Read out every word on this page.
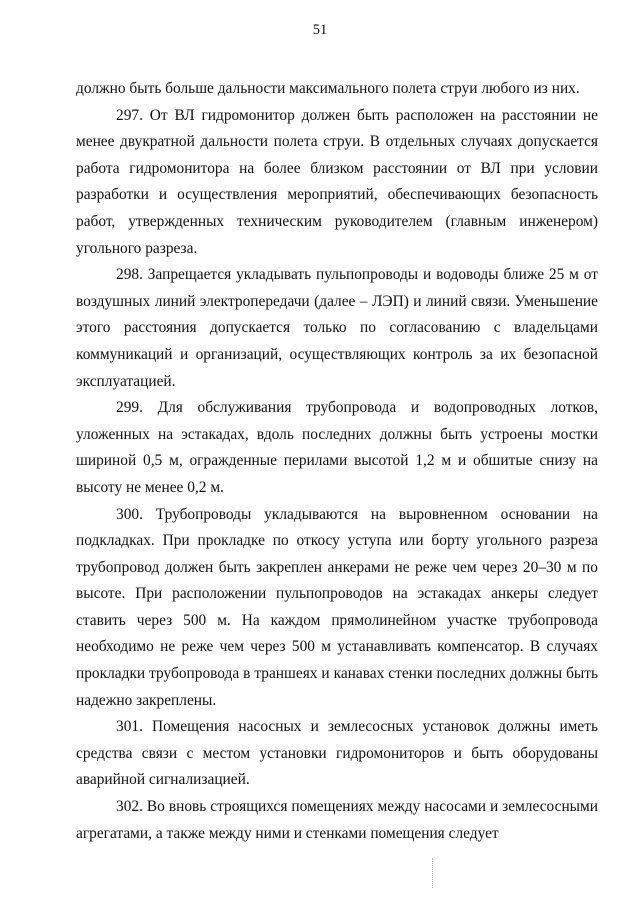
51

должно быть больше дальности максимального полета струи любого из них.

297. От ВЛ гидромонитор должен быть расположен на расстоянии не менее двукратной дальности полета струи. В отдельных случаях допускается работа гидромонитора на более близком расстоянии от ВЛ при условии разработки и осуществления мероприятий, обеспечивающих безопасность работ, утвержденных техническим руководителем (главным инженером) угольного разреза.

298. Запрещается укладывать пульпопроводы и водоводы ближе 25 м от воздушных линий электропередачи (далее – ЛЭП) и линий связи. Уменьшение этого расстояния допускается только по согласованию с владельцами коммуникаций и организаций, осуществляющих контроль за их безопасной эксплуатацией.

299. Для обслуживания трубопровода и водопроводных лотков, уложенных на эстакадах, вдоль последних должны быть устроены мостки шириной 0,5 м, огражденные перилами высотой 1,2 м и обшитые снизу на высоту не менее 0,2 м.

300. Трубопроводы укладываются на выровненном основании на подкладках. При прокладке по откосу уступа или борту угольного разреза трубопровод должен быть закреплен анкерами не реже чем через 20–30 м по высоте. При расположении пульпопроводов на эстакадах анкеры следует ставить через 500 м. На каждом прямолинейном участке трубопровода необходимо не реже чем через 500 м устанавливать компенсатор. В случаях прокладки трубопровода в траншеях и канавах стенки последних должны быть надежно закреплены.

301. Помещения насосных и землесосных установок должны иметь средства связи с местом установки гидромониторов и быть оборудованы аварийной сигнализацией.

302. Во вновь строящихся помещениях между насосами и землесосными агрегатами, а также между ними и стенками помещения следует
